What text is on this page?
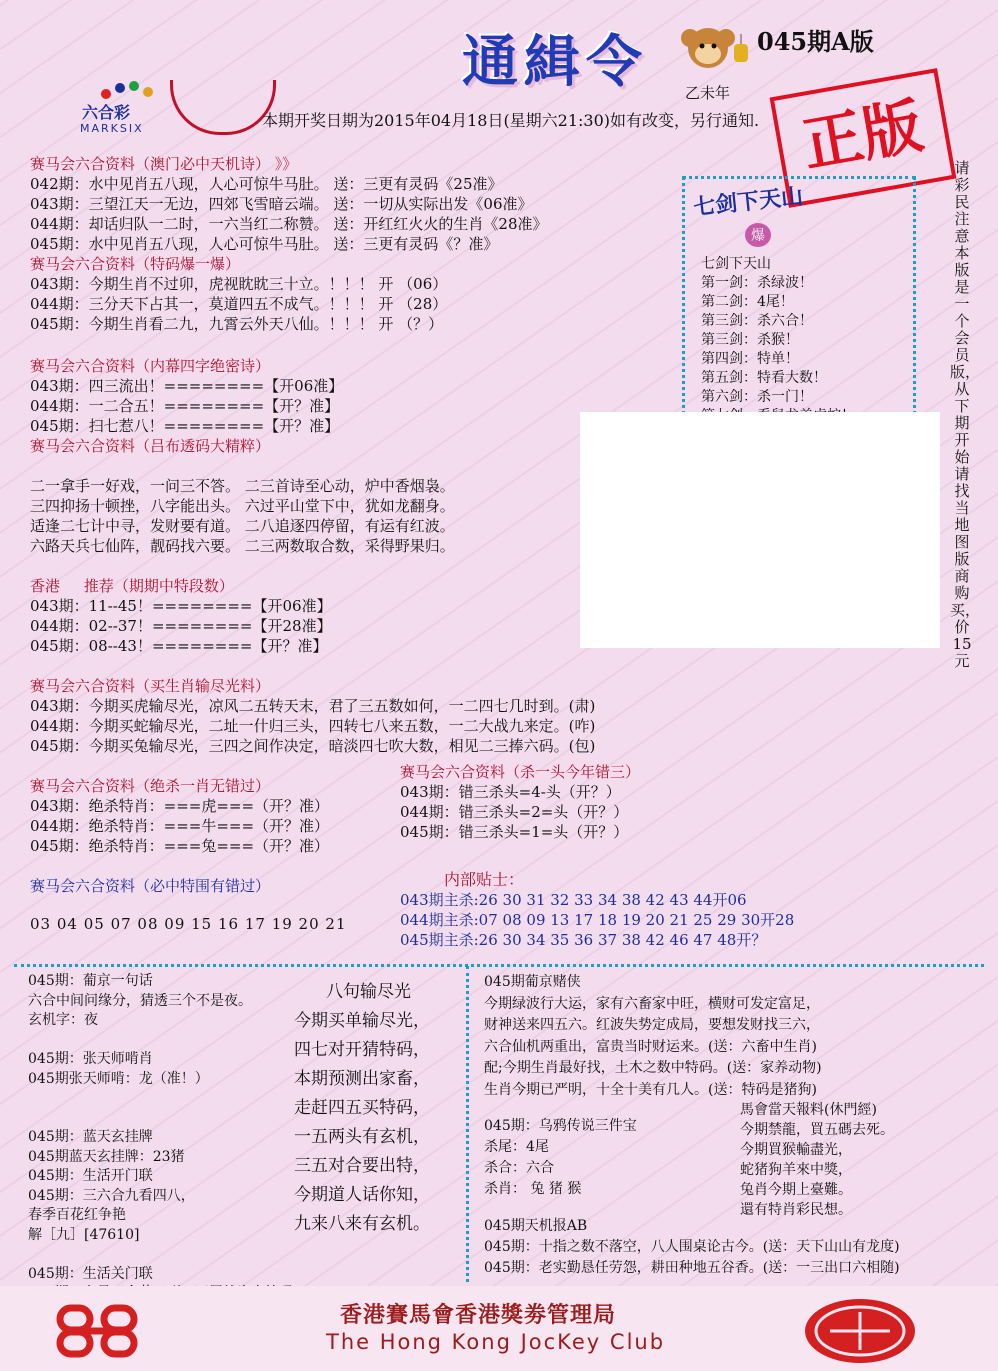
六合彩
MARKSIX
通緝令	045期A版
乙未年
本期开奖日期为2015年04月18日(星期六21:30)如有改变，另行通知. 正版
赛马会六合资料（澳门必中天机诗） 》》
042期：水中见肖五八现，人心可惊牛马肚。 送：三更有灵码《25准》
043期：三望江天一无边，四郊飞雪暗云端。 送：一切从实际出发《06准》
044期：却话归队一二时，一六当红二称赞。 送：开红红火火的生肖《28准》
045期：水中见肖五八现，人心可惊牛马肚。 送：三更有灵码《？准》
赛马会六合资料（特码爆一爆）
043期：今期生肖不过卯，虎视眈眈三十立。！！！ 开 （06）
044期：三分天下占其一，莫道四五不成气。！！！ 开 （28）
045期：今期生肖看二九，九霄云外天八仙。！！！ 开 （？）
赛马会六合资料（内幕四字绝密诗）
043期：四三流出！========【开06准】
044期：一二合五！========【开？准】
045期：扫七惹八！========【开？准】
赛马会六合资料（吕布透码大精粹）
二一拿手一好戏，一问三不答。 二三首诗至心动，炉中香烟袅。
三四抑扬十顿挫，八字能出头。 六过平山堂下中，犹如龙翻身。
适逢二七计中寻，发财要有道。 二八追逐四停留，有运有红波。
六路天兵七仙阵，靓码找六要。 二三两数取合数，采得野果归。
香港     推荐（期期中特段数）
043期：11--45！========【开06准】
044期：02--37！========【开28准】
045期：08--43！========【开？准】
赛马会六合资料（买生肖输尽光料）
043期：今期买虎输尽光，凉风二五转天末，君了三五数如何，一二四七几时到。(肃)
044期：今期买蛇输尽光，二址一什归三头，四转七八来五数，一二大战九来定。(咋)
045期：今期买兔输尽光，三四之间作决定，暗淡四七吹大数，相见二三捧六码。(包)
赛马会六合资料（绝杀一肖无错过）
043期：绝杀特肖：===虎===（开？准）
044期：绝杀特肖：===牛===（开？准）
045期：绝杀特肖：===兔===（开？准）
赛马会六合资料（杀一头今年错三）
043期：错三杀头=4-头（开？）
044期：错三杀头=2=头（开？）
045期：错三杀头=1=头（开？）
赛马会六合资料（必中特围有错过）
03 04 05 07 08 09 15 16 17 19 20 21
内部贴士：
043期主杀:26 30 31 32 33 34 38 42 43 44开06
044期主杀:07 08 09 13 17 18 19 20 21 25 29 30开28
045期主杀:26 30 34 35 36 37 38 42 46 47 48开？
七剑下天山
爆
七剑下天山
第一剑：杀绿波！
第二剑：4尾！
第三剑：杀六合！
第三剑：杀猴！
第四剑：特单！
第五剑：特看大数！
第六剑：杀一门！
请彩民注意本版是一个会员版，从下期开始请找当地图版商购买，价15元
045期：葡京一句话
六合中间问缘分，猜透三个不是夜。
玄机字：夜
045期：张天师啃肖
045期张天师啃：龙（准！）
045期：蓝天玄挂牌
045期蓝天玄挂牌：23猪
045期：生活开门联
045期：三六合九看四八，
春季百花红争艳
解［九］[47610]
045期：生活关门联
八句输尽光
今期买单输尽光，
四七对开猜特码，
本期预测出家畜，
走赶四五买特码，
一五两头有玄机，
三五对合要出特，
今期道人话你知，
九来八来有玄机。
045期葡京赌侠
今期绿波行大运，家有六畜家中旺，横财可发定富足，
财神送来四五六。红波失势定成局，要想发财找三六，
六合仙机两重出，富贵当时财运来。(送：六畜中生肖)
配;今期生肖最好找，土木之数中特码。(送：家养动物)
生肖今期已严明，十全十美有几人。(送：特码是猪狗)
045期：乌鸦传说三件宝
杀尾：4尾
杀合：六合
杀肖： 兔 猪 猴
馬會當天報料(休門經)
今期禁龍，買五碼去死。
今期買猴輸盡光，
蛇猪狗羊來中獎，
兔肖今期上臺難。
還有特肖彩民想。
045期天机报AB
045期：十指之数不落空，八人围桌论古今。(送：天下山山有龙度)
045期：老实勤恳任劳怨，耕田种地五谷香。(送：一三出口六相随)
香港賽馬會香港獎劵管理局
The Hong Kong JocKey Club
